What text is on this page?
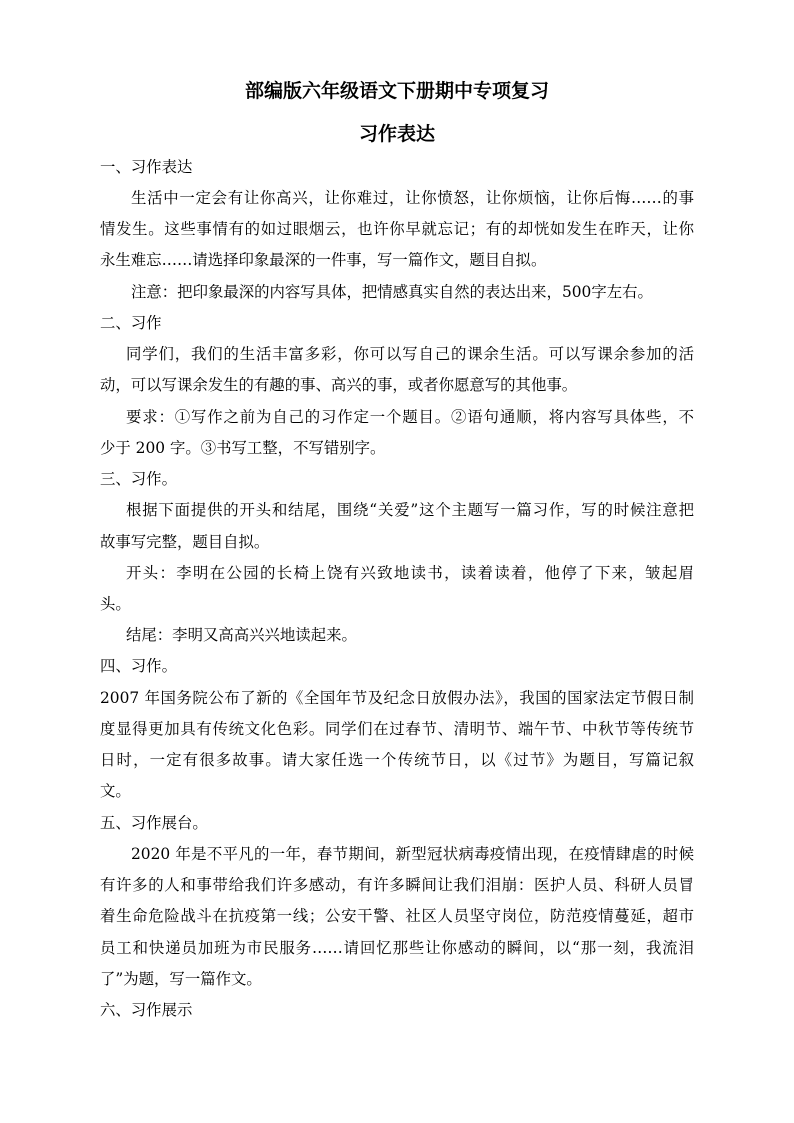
部编版六年级语文下册期中专项复习
习作表达
一、习作表达
生活中一定会有让你高兴，让你难过，让你愤怒，让你烦恼，让你后悔……的事
情发生。这些事情有的如过眼烟云，也许你早就忘记；有的却恍如发生在昨天，让你
永生难忘……请选择印象最深的一件事，写一篇作文，题目自拟。
注意：把印象最深的内容写具体，把情感真实自然的表达出来，500字左右。
二、习作
同学们，我们的生活丰富多彩，你可以写自己的课余生活。可以写课余参加的活
动，可以写课余发生的有趣的事、高兴的事，或者你愿意写的其他事。
要求：①写作之前为自己的习作定一个题目。②语句通顺，将内容写具体些，不
少于 200 字。③书写工整，不写错别字。
三、习作。
根据下面提供的开头和结尾，围绕“关爱”这个主题写一篇习作，写的时候注意把
故事写完整，题目自拟。
开头：李明在公园的长椅上饶有兴致地读书，读着读着，他停了下来，皱起眉
头。
结尾：李明又高高兴兴地读起来。
四、习作。
2007 年国务院公布了新的《全国年节及纪念日放假办法》，我国的国家法定节假日制
度显得更加具有传统文化色彩。同学们在过春节、清明节、端午节、中秋节等传统节
日时，一定有很多故事。请大家任选一个传统节日，以《过节》为题目，写篇记叙
文。
五、习作展台。
2020 年是不平凡的一年，春节期间，新型冠状病毒疫情出现，在疫情肆虐的时候
有许多的人和事带给我们许多感动，有许多瞬间让我们泪崩：医护人员、科研人员冒
着生命危险战斗在抗疫第一线；公安干警、社区人员坚守岗位，防范疫情蔓延，超市
员工和快递员加班为市民服务……请回忆那些让你感动的瞬间，以“那一刻，我流泪
了”为题，写一篇作文。
六、习作展示
